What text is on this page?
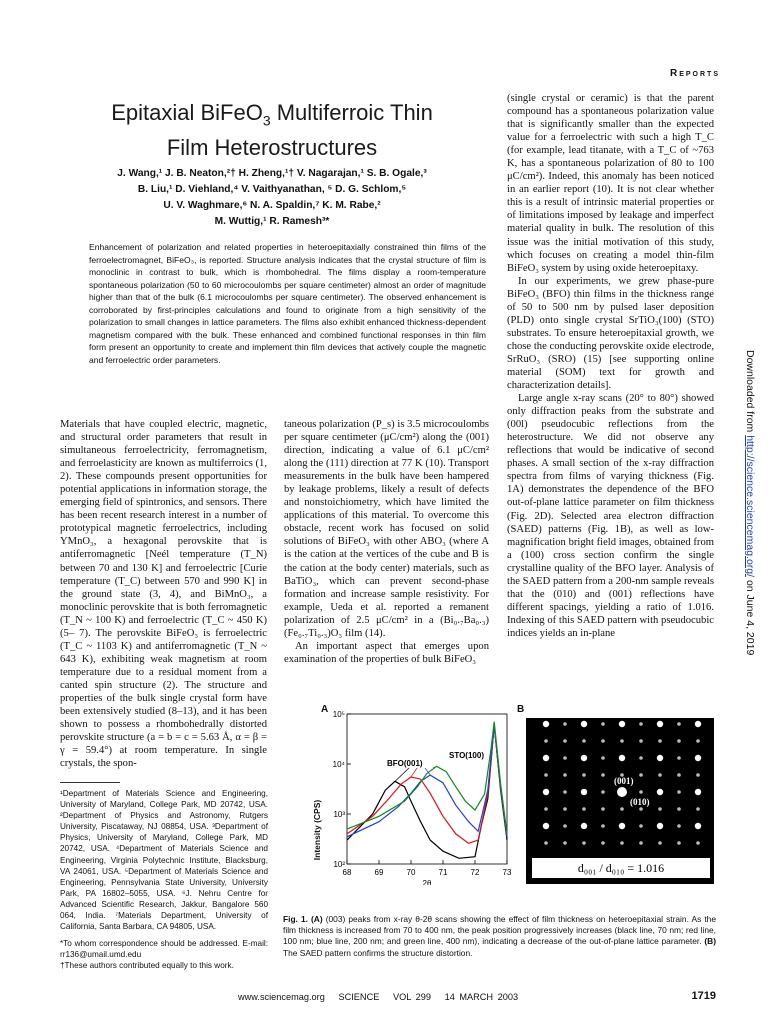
Reports
Epitaxial BiFeO$_3$ Multiferroic Thin
Film Heterostructures
J. Wang,¹ J. B. Neaton,²† H. Zheng,¹† V. Nagarajan,¹ S. B. Ogale,³
B. Liu,¹ D. Viehland,⁴ V. Vaithyanathan, ⁵ D. G. Schlom,⁵
U. V. Waghmare,⁶ N. A. Spaldin,⁷ K. M. Rabe,²
M. Wuttig,¹ R. Ramesh³*

Enhancement of polarization and related properties in heteroepitaxially constrained thin films of the ferroelectromagnet, BiFeO₃, is reported. Structure analysis indicates that the crystal structure of film is monoclinic in contrast to bulk, which is rhombohedral. The films display a room-temperature spontaneous polarization (50 to 60 microcoulombs per square centimeter) almost an order of magnitude higher than that of the bulk (6.1 microcoulombs per square centimeter). The observed enhancement is corroborated by first-principles calculations and found to originate from a high sensitivity of the polarization to small changes in lattice parameters. The films also exhibit enhanced thickness-dependent magnetism compared with the bulk. These enhanced and combined functional responses in thin film form present an opportunity to create and implement thin film devices that actively couple the magnetic and ferroelectric order parameters.

Materials that have coupled electric, magnetic, and structural order parameters that result in simultaneous ferroelectricity, ferromagnetism, and ferroelasticity are known as multiferroics (1, 2). These compounds present opportunities for potential applications in information storage, the emerging field of spintronics, and sensors. There has been recent research interest in a number of prototypical magnetic ferroelectrics, including YMnO₃, a hexagonal perovskite that is antiferromagnetic [Neél temperature (T_N) between 70 and 130 K] and ferroelectric [Curie temperature (T_C) between 570 and 990 K] in the ground state (3, 4), and BiMnO₃, a monoclinic perovskite that is both ferromagnetic (T_N ~ 100 K) and ferroelectric (T_C ~ 450 K) (5– 7). The perovskite BiFeO₃ is ferroelectric (T_C ~ 1103 K) and antiferromagnetic (T_N ~ 643 K), exhibiting weak magnetism at room temperature due to a residual moment from a canted spin structure (2). The structure and properties of the bulk single crystal form have been extensively studied (8–13), and it has been shown to possess a rhombohedrally distorted perovskite structure (a = b = c = 5.63 Å, α = β = γ = 59.4°) at room temperature. In single crystals, the spon-

taneous polarization (P_s) is 3.5 microcoulombs per square centimeter (μC/cm²) along the (001) direction, indicating a value of 6.1 μC/cm² along the (111) direction at 77 K (10). Transport measurements in the bulk have been hampered by leakage problems, likely a result of defects and nonstoichiometry, which have limited the applications of this material. To overcome this obstacle, recent work has focused on solid solutions of BiFeO₃ with other ABO₃ (where A is the cation at the vertices of the cube and B is the cation at the body center) materials, such as BaTiO₃, which can prevent second-phase formation and increase sample resistivity. For example, Ueda et al. reported a remanent polarization of 2.5 μC/cm² in a (Bi₀.₇Ba₀.₃)(Fe₀.₇Ti₀.₃)O₃ film (14).

An important aspect that emerges upon examination of the properties of bulk BiFeO₃

(single crystal or ceramic) is that the parent compound has a spontaneous polarization value that is significantly smaller than the expected value for a ferroelectric with such a high T_C (for example, lead titanate, with a T_C of ~763 K, has a spontaneous polarization of 80 to 100 μC/cm²). Indeed, this anomaly has been noticed in an earlier report (10). It is not clear whether this is a result of intrinsic material properties or of limitations imposed by leakage and imperfect material quality in bulk. The resolution of this issue was the initial motivation of this study, which focuses on creating a model thin-film BiFeO₃ system by using oxide heteroepitaxy.

In our experiments, we grew phase-pure BiFeO₃ (BFO) thin films in the thickness range of 50 to 500 nm by pulsed laser deposition (PLD) onto single crystal SrTiO₃(100) (STO) substrates. To ensure heteroepitaxial growth, we chose the conducting perovskite oxide electrode, SrRuO₃ (SRO) (15) [see supporting online material (SOM) text for growth and characterization details].

Large angle x-ray scans (20° to 80°) showed only diffraction peaks from the substrate and (00l) pseudocubic reflections from the heterostructure. We did not observe any reflections that would be indicative of second phases. A small section of the x-ray diffraction spectra from films of varying thickness (Fig. 1A) demonstrates the dependence of the BFO out-of-plane lattice parameter on film thickness (Fig. 2D). Selected area electron diffraction (SAED) patterns (Fig. 1B), as well as low-magnification bright field images, obtained from a (100) cross section confirm the single crystalline quality of the BFO layer. Analysis of the SAED pattern from a 200-nm sample reveals that the (010) and (001) reflections have different spacings, yielding a ratio of 1.016. Indexing of this SAED pattern with pseudocubic indices yields an in-plane

¹Department of Materials Science and Engineering, University of Maryland, College Park, MD 20742, USA. ²Department of Physics and Astronomy, Rutgers University, Piscataway, NJ 08854, USA. ³Department of Physics, University of Maryland, College Park, MD 20742, USA. ⁴Department of Materials Science and Engineering, Virginia Polytechnic Institute, Blacksburg, VA 24061, USA. ⁵Department of Materials Science and Engineering, Pennsylvania State University, University Park, PA 16802–5055, USA. ⁶J. Nehru Centre for Advanced Scientific Research, Jakkur, Bangalore 560 064, India. ⁷Materials Department, University of California, Santa Barbara, CA 94805, USA.

*To whom correspondence should be addressed. E-mail: rr136@umail.umd.edu

†These authors contributed equally to this work.

Downloaded from http://science.sciencemag.org/ on June 4, 2019
A
Intensity (CPS)
10²
10³
10⁴
10⁵
68	69	70	71	72	73
2θ
BFO(001)
STO(100)
B
(001)
(010)
d₀₀₁ / d₀₁₀ = 1.016

Fig. 1. (A) (003) peaks from x-ray θ-2θ scans showing the effect of film thickness on heteroepitaxial strain. As the film thickness is increased from 70 to 400 nm, the peak position progressively increases (black line, 70 nm; red line, 100 nm; blue line, 200 nm; and green line, 400 nm), indicating a decrease of the out-of-plane lattice parameter. (B) The SAED pattern confirms the structure distortion.

www.sciencemag.org SCIENCE VOL 299 14 MARCH 2003	1719
